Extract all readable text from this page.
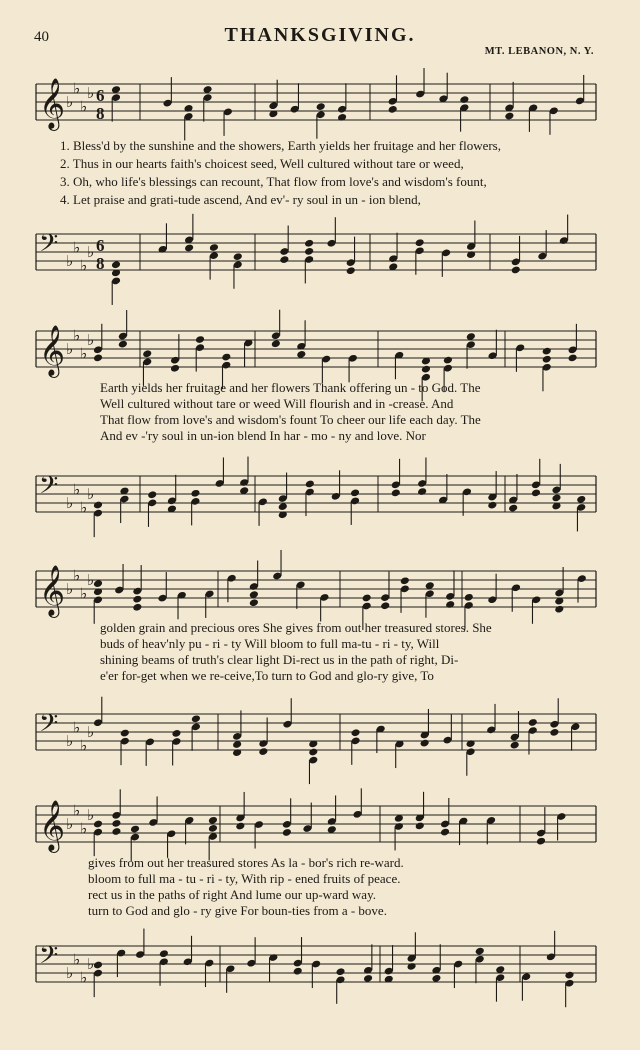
40	THANKSGIVING.
MT. LEBANON, N. Y.
𝄞 ♭
♭
♭
♭ 6
8
1. Bless'd by the sunshine and the showers, Earth yields her fruitage and her flowers,
2. Thus in our hearts faith's choicest seed, Well cultured without tare or weed,
3. Oh, who life's blessings can recount, That flow from love's and wisdom's fount,
4. Let praise and grati-tude ascend, And ev'- ry soul in un - ion blend,
𝄢 ♭
♭
♭
♭ 6
8
𝄞 ♭
♭
♭
♭
Earth yields her fruitage and her flowers Thank offering un - to God. The
Well cultured without tare or weed Will flourish and in -crease. And
That flow from love's and wisdom's fount To cheer our life each day. The
And ev -'ry soul in un-ion blend In har - mo - ny and love. Nor
𝄢 ♭
♭
♭
♭
𝄞 ♭
♭
♭
♭
golden grain and precious ores She gives from out her treasured stores. She
buds of heav'nly pu - ri - ty Will bloom to full ma-tu - ri - ty, Will
shining beams of truth's clear light Di-rect us in the path of right, Di-
e'er for-get when we re-ceive,To turn to God and glo-ry give, To
𝄢 ♭
♭
♭
♭
𝄞 ♭
♭
♭
♭
gives from out her treasured stores As la - bor's rich re-ward.
bloom to full ma - tu - ri - ty, With rip - ened fruits of peace.
rect us in the paths of right And lume our up-ward way.
turn to God and glo - ry give For boun-ties from a - bove.
𝄢 ♭
♭
♭
♭
